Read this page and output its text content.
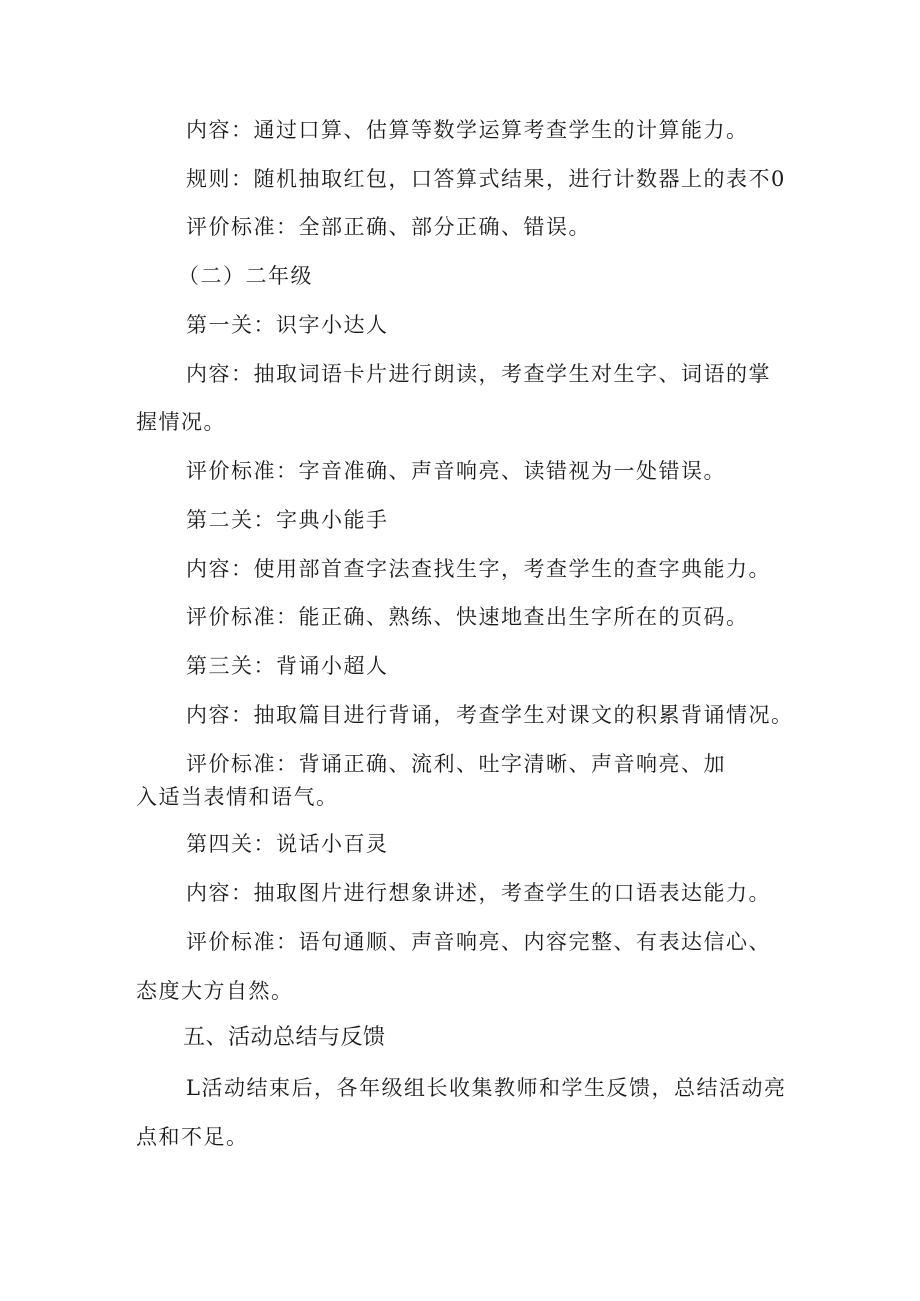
内容：通过口算、估算等数学运算考查学生的计算能力。
规则：随机抽取红包，口答算式结果，进行计数器上的表不0
评价标准：全部正确、部分正确、错误。
（二）二年级
第一关：识字小达人
内容：抽取词语卡片进行朗读，考查学生对生字、词语的掌
握情况。
评价标准：字音准确、声音响亮、读错视为一处错误。
第二关：字典小能手
内容：使用部首查字法查找生字，考查学生的查字典能力。
评价标准：能正确、熟练、快速地查出生字所在的页码。
第三关：背诵小超人
内容：抽取篇目进行背诵，考查学生对课文的积累背诵情况。
评价标准：背诵正确、流利、吐字清晰、声音响亮、加
入适当表情和语气。
第四关：说话小百灵
内容：抽取图片进行想象讲述，考查学生的口语表达能力。
评价标准：语句通顺、声音响亮、内容完整、有表达信心、
态度大方自然。
五、活动总结与反馈
L活动结束后，各年级组长收集教师和学生反馈，总结活动亮
点和不足。
